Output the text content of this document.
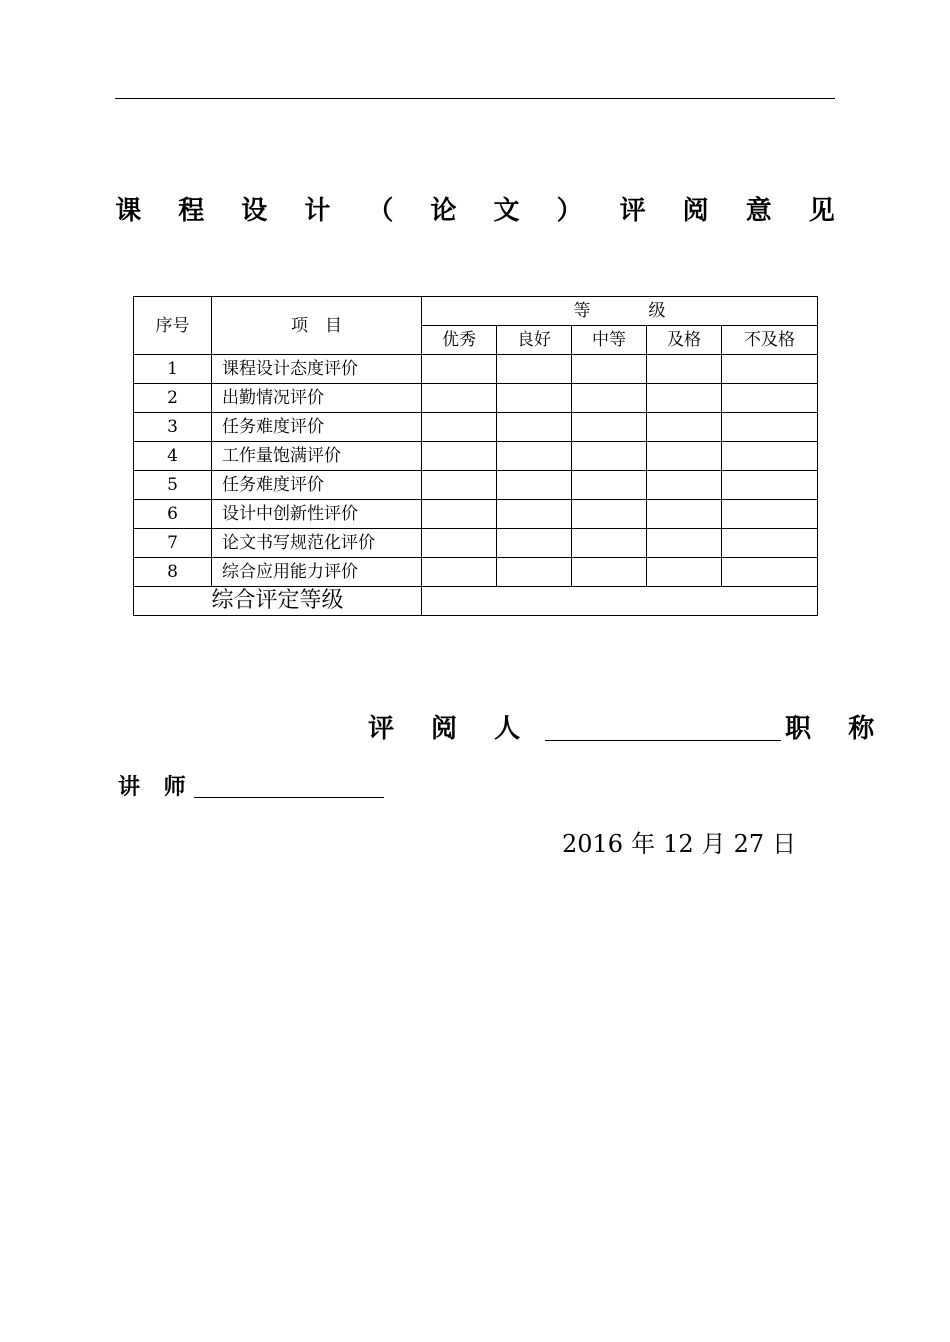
课 程 设 计 （ 论 文 ） 评 阅 意 见
序号	项　目	等 级				
		优秀	良好	中等	及格	不及格
1	课程设计态度评价					
2	出勤情况评价					
3	任务难度评价					
4	工作量饱满评价					
5	任务难度评价					
6	设计中创新性评价					
7	论文书写规范化评价					
8	综合应用能力评价					
综合评定等级						
评 阅 人	职 称
讲 师
2016 年 12 月 27 日
